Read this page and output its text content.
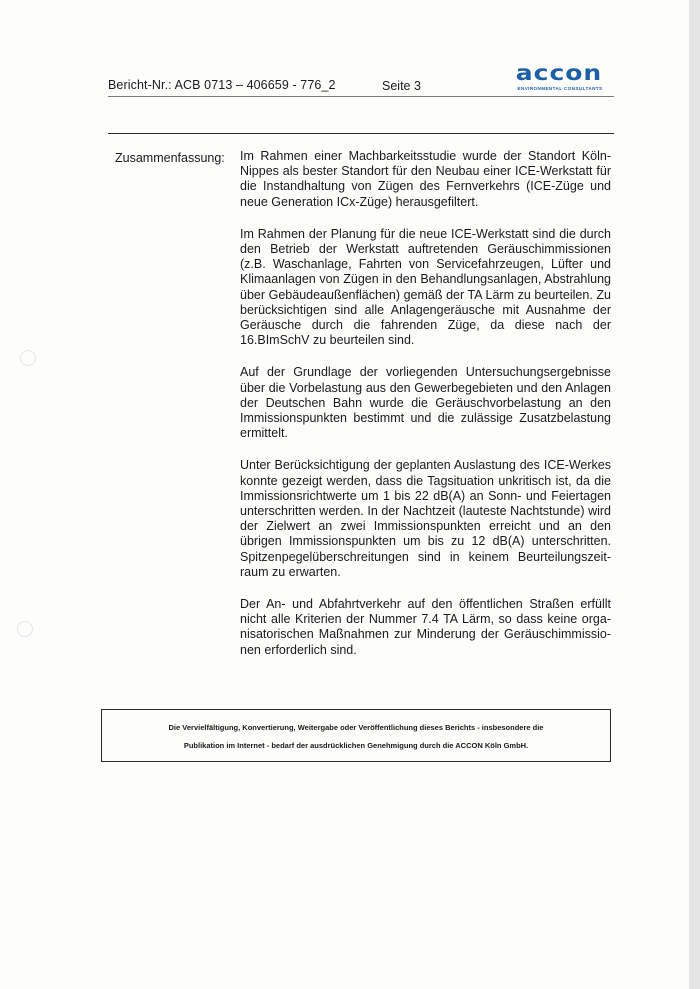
Bericht-Nr.: ACB 0713 – 406659 - 776_2	Seite 3
accon
ENVIRONMENTAL CONSULTANTS
Zusammenfassung: Im Rahmen einer Machbarkeitsstudie wurde der Standort Köln-Nippes als bester Standort für den Neubau einer ICE-Werkstatt für die Instandhaltung von Zügen des Fernverkehrs (ICE-Züge und neue Generation ICx-Züge) herausgefiltert.

Im Rahmen der Planung für die neue ICE-Werkstatt sind die durch den Betrieb der Werkstatt auftretenden Geräuschimmissionen (z.B. Waschanlage, Fahrten von Servicefahrzeugen, Lüfter und Klimaanlagen von Zügen in den Behandlungsanlagen, Abstrahlung über Gebäudeaußenflächen) gemäß der TA Lärm zu beurteilen. Zu berücksichtigen sind alle Anlagengeräusche mit Ausnahme der Geräusche durch die fahrenden Züge, da diese nach der 16.BImSchV zu beurteilen sind.

Auf der Grundlage der vorliegenden Untersuchungsergebnisse über die Vorbelastung aus den Gewerbegebieten und den Anlagen der Deutschen Bahn wurde die Geräuschvorbelastung an den Immissionspunkten bestimmt und die zulässige Zusatzbelastung ermittelt.

Unter Berücksichtigung der geplanten Auslastung des ICE-Werkes konnte gezeigt werden, dass die Tagsituation unkritisch ist, da die Immissionsrichtwerte um 1 bis 22 dB(A) an Sonn- und Feiertagen unterschritten werden. In der Nachtzeit (lauteste Nachtstunde) wird der Zielwert an zwei Immissionspunkten erreicht und an den übrigen Immissionspunkten um bis zu 12 dB(A) unterschritten. Spitzenpegelüberschreitungen sind in keinem Beurteilungszeitraum zu erwarten.

Der An- und Abfahrtverkehr auf den öffentlichen Straßen erfüllt nicht alle Kriterien der Nummer 7.4 TA Lärm, so dass keine organisatorischen Maßnahmen zur Minderung der Geräuschimmissionen erforderlich sind.

Die Vervielfältigung, Konvertierung, Weitergabe oder Veröffentlichung dieses Berichts - insbesondere die
Publikation im Internet - bedarf der ausdrücklichen Genehmigung durch die ACCON Köln GmbH.
